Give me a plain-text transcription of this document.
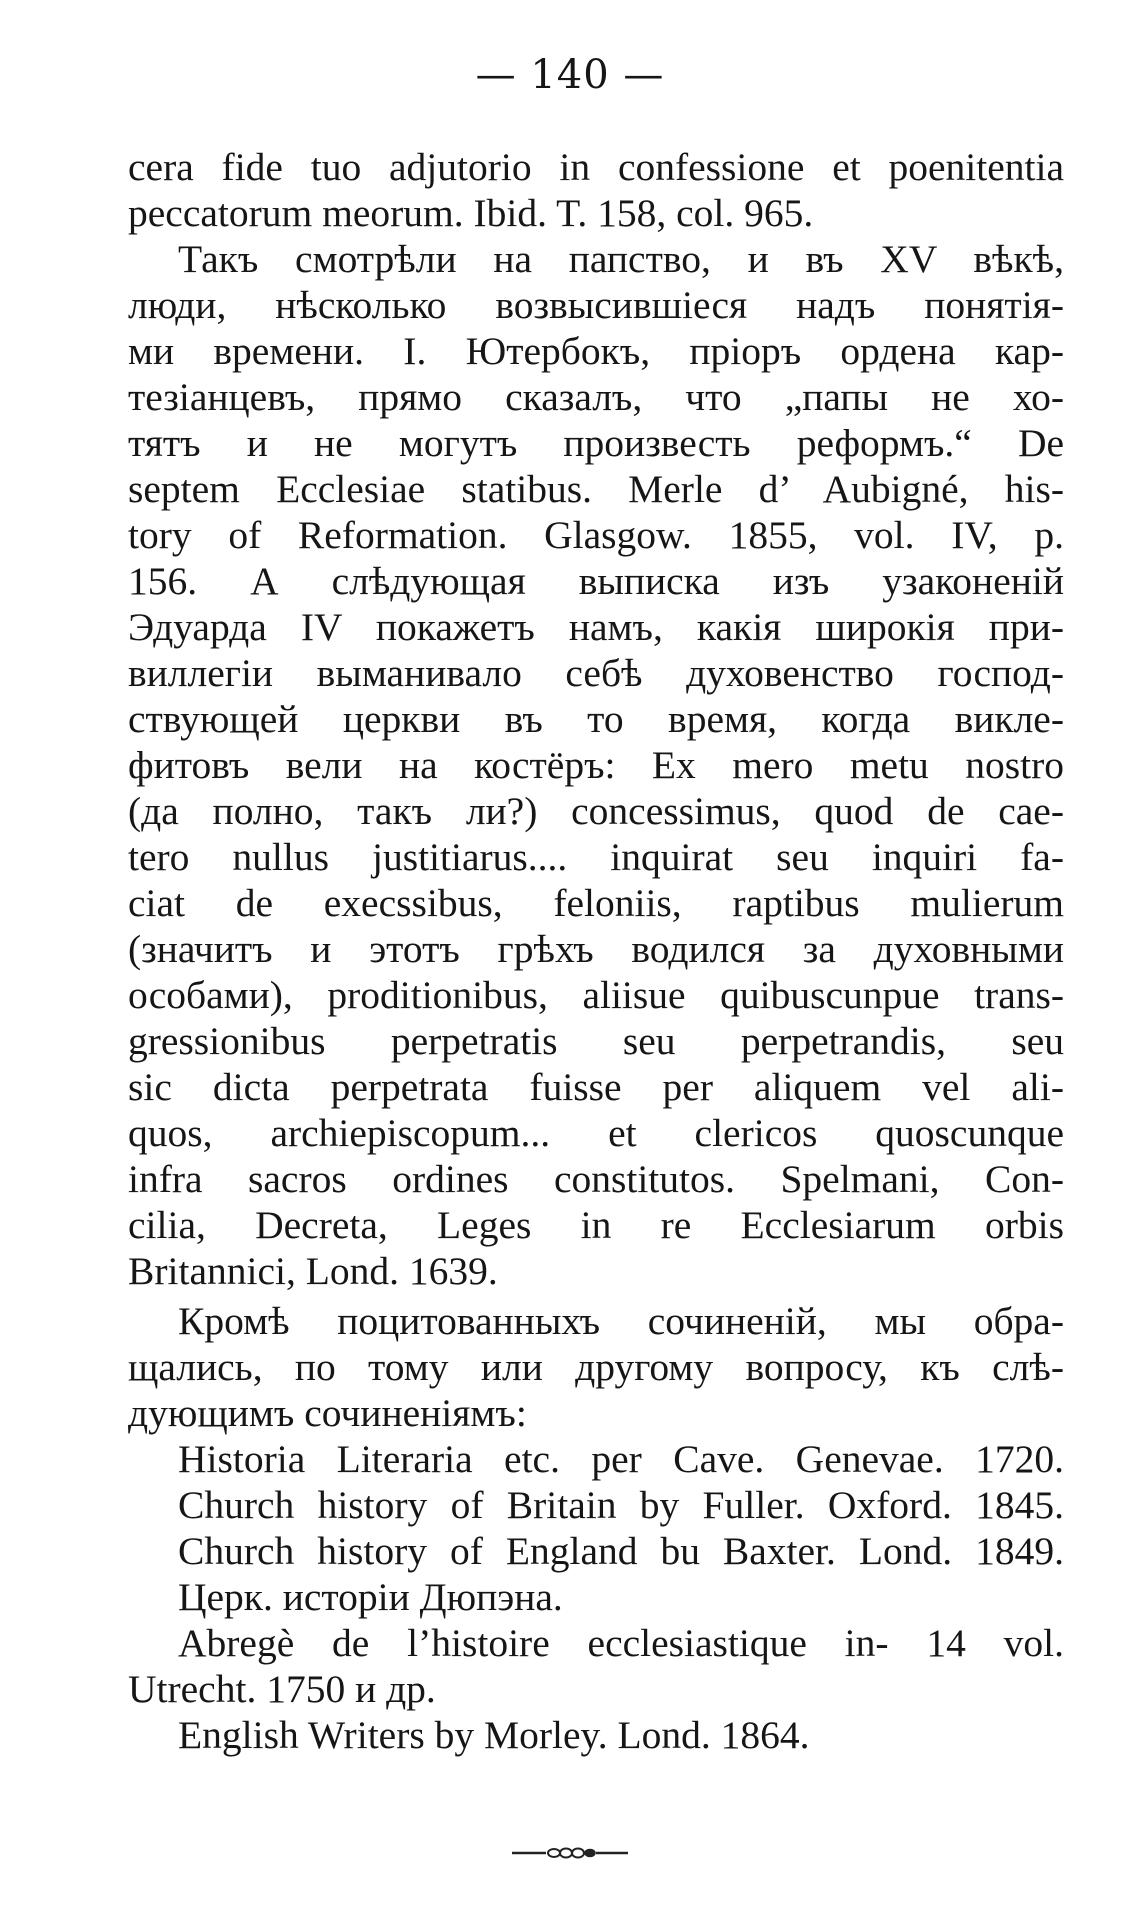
— 140 —
cera fide tuo adjutorio in confessione et poenitentia
peccatorum meorum. Ibid. T. 158, col. 965.
Такъ смотрѣли на папство, и въ XV вѣкѣ,
люди, нѣсколько возвысившіеся надъ понятія-
ми времени. I. Ютербокъ, пріоръ ордена кар-
тезіанцевъ, прямо сказалъ, что „папы не хо-
тятъ и не могутъ произвесть реформъ.“ De
septem Ecclesiae statibus. Merle d’ Aubigné, his-
tory of Reformation. Glasgow. 1855, vol. IV, p.
156. А слѣдующая выписка изъ узаконеній
Эдуарда IV покажетъ намъ, какія широкія при-
виллегіи выманивало себѣ духовенство господ-
ствующей церкви въ то время, когда викле-
фитовъ вели на костёръ: Ex mero metu nostro
(да полно, такъ ли?) concessimus, quod de cae-
tero nullus justitiarus.... inquirat seu inquiri fa-
ciat de execssibus, feloniis, raptibus mulierum
(значитъ и этотъ грѣхъ водился за духовными
особами), proditionibus, aliisue quibuscunpue trans-
gressionibus perpetratis seu perpetrandis, seu
sic dicta perpetrata fuisse per aliquem vel ali-
quos, archiepiscopum... et clericos quoscunque
infra sacros ordines constitutos. Spelmani, Con-
cilia, Decreta, Leges in re Ecclesiarum orbis
Britannici, Lond. 1639.
Кромѣ поцитованныхъ сочиненій, мы обра-
щались, по тому или другому вопросу, къ слѣ-
дующимъ сочиненіямъ:
Historia Literaria etc. per Cave. Genevae. 1720.
Church history of Britain by Fuller. Oxford. 1845.
Church history of England bu Baxter. Lond. 1849.
Церк. исторіи Дюпэна.
Abregè de l’histoire ecclesiastique in- 14 vol.
Utrecht. 1750 и др.
English Writers by Morley. Lond. 1864.
